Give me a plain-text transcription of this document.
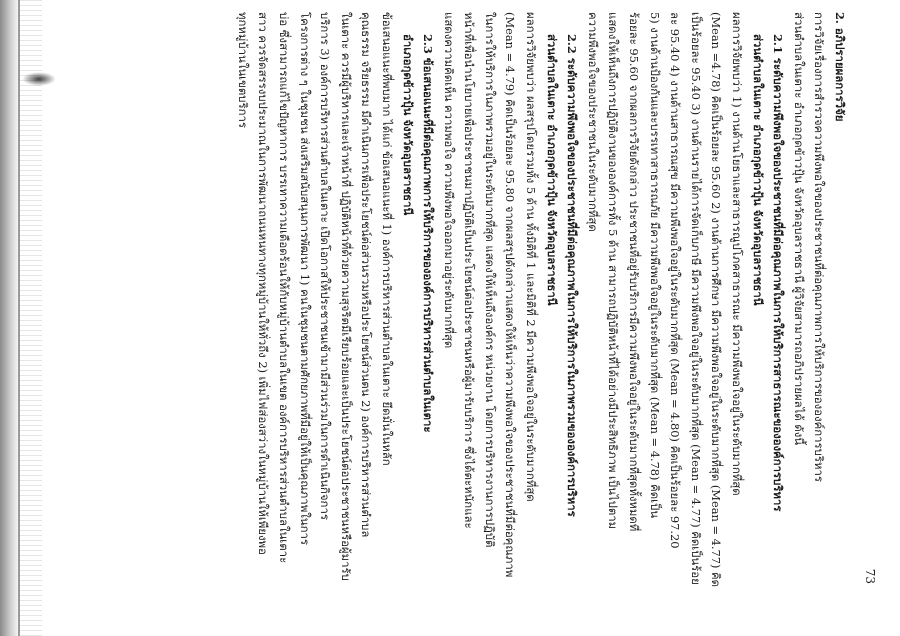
73

2. อภิปรายผลการวิจัย

การวิจัยเรื่องการสำรวจความพึงพอใจของประชาชนที่ต่อคุณภาพการให้บริการขององค์การบริหาร

ส่วนตำบลในเตาะ อำเภอกุดข้าวปุ้น จังหวัดอุบลราชธานี ผู้วิจัยสามารถอภิปรายผลได้ ดังนี้

2.1 ระดับความพึงพอใจของประชาชนที่มีต่อคุณภาพในการให้บริการสาธารณะขององค์การบริหาร

ส่วนตำบลในเตาะ อำเภอกุดข้าวปุ้น จังหวัดอุบลราชธานี

ผลการวิจัยพบว่า 1) งานด้านโยธาและสาธารณูปโภคสาธารณะ มีความพึงพอใจอยู่ในระดับมากที่สุด

(Mean =4.78) คิดเป็นร้อยละ 95.60 2) งานด้านการศึกษา มีความพึงพอใจอยู่ในระดับมากที่สุด (Mean = 4.77) คิด

เป็นร้อยละ 95.40 3) งานด้านรายได้การจัดเก็บภาษี มีความพึงพอใจอยู่ในระดับมากที่สุด (Mean = 4.77) คิดเป็นร้อย

ละ 95.40 4) งานด้านสาธารณสุข มีความพึงพอใจอยู่ในระดับมากที่สุด (Mean = 4.80) คิดเป็นร้อยละ 97.20

5) งานด้านป้องกันและบรรเทาสาธารณภัย มีความพึงพอใจอยู่ในระดับมากที่สุด (Mean = 4.78) คิดเป็น

ร้อยละ 95.60 จากผลการวิจัยดังกล่าว ประชาชนที่อยู่รับบริการมีความพึงพอใจอยู่ในระดับมากที่สุดทั้งหมดที่

แสดงให้เห็นถึงการปฏิบัติงานขององค์การทั้ง 5 ด้าน สามารถปฏิบัติหน้าที่ได้อย่างมีประสิทธิภาพ เป็นไปตาม

ความพึงพอใจของประชาชนในระดับมากที่สุด

2.2 ระดับความพึงพอใจของประชาชนที่มีต่อคุณภาพในการให้บริการในภาพรวมขององค์การบริหาร

ส่วนตำบลในเตาะ อำเภอกุดข้าวปุ้น จังหวัดอุบลราชธานี

ผลการวิจัยพบว่า ผลสรุปโดยรวมทั้ง 5 ด้าน ทั้งมิติที่ 1 และมิติที่ 2 มีความพึงพอใจอยู่ในระดับมากที่สุด

(Mean = 4.79) คิดเป็นร้อยละ 95.80 จากผลสรุปดังกล่าวแสดงให้เห็นว่าความพึงพอใจของประชาชนที่มีต่อคุณภาพ

ในการให้บริการในภาพรวมอยู่ในระดับมากที่สุด แสดงให้เห็นถึงองค์กร หน่วยงาน โดยการบริหารงานการปฏิบัติ

หน้าที่เพื่อนำนโยบายเพื่อประชาชนมาปฏิบัติเป็นประโยชน์ต่อประชาชนหรือผู้มารับบริการ ซึ่งได้ตะหนักและ

แสดงความคิดเห็น ความพอใจ ความพึงพอใจออกมาอยู่ระดับมากที่สุด

2.3 ข้อเสนอแนะที่มีต่อคุณภาพการให้บริการขององค์การบริหารส่วนตำบลในเตาะ

อำเภอกุดข้าวปุ้น จังหวัดอุบลราชธานี

ข้อเสนอแนะที่พบมาก ได้แก่ ข้อเสนอแนะที่ 1) องค์การบริหารส่วนตำบลในเตาะ ยึดมั่นในหลัก

คุณธรรม จริยธรรม มีดำเนินการเพื่อประโยชน์ต่อส่วนรวมหรือประโยชน์ส่วนตน 2) องค์การบริหารส่วนตำบล

ในเตาะ ควรมีผู้บริหารและเจ้าหน้าที่ ปฏิบัติหน้าที่ด้วยความสุจริตมีเรียบร้อยและเป็นประโยชน์ต่อประชาชนหรือผู้มารับ

บริการ 3) องค์การบริหารส่วนตำบลในเตาะ เปิดโอกาสให้ประชาชนเข้ามามีส่วนร่วมในการดำเนินกิจการ

โครงการต่าง ๆ ในชุมชน ส่งเสริมสนับสนุนการพัฒนา 1) คนในชุมชนตามศักยภาพที่มีอยู่ให้เป็นคุณภาพในการ

บ่อ ซึ่งสามารถแก้ไขปัญหาการ บรรเทาความเดือดร้อนให้กับหมู่บ้านตำบลในเขต องค์การบริหารส่วนตำบลในเตาะ

สาว ควรจัดสรรงบประมาณในการพัฒนาถนนหนทางทุกหมู่บ้านให้ทั่วถึง 2) เพิ่มไฟส่องสว่างในหมู่บ้านให้เพียงพอ

ทุกหมู่บ้านในเขตบริการ
